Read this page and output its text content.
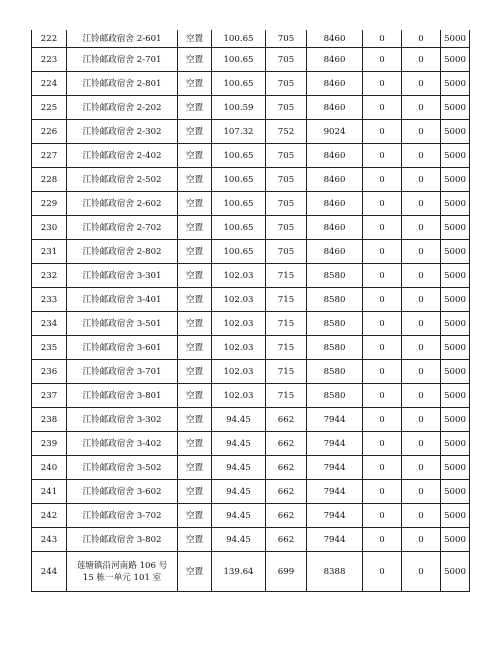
222	江铃邮政宿舍 2-601	空置	100.65	705	8460	0	0	5000
223	江铃邮政宿舍 2-701	空置	100.65	705	8460	0	0	5000
224	江铃邮政宿舍 2-801	空置	100.65	705	8460	0	0	5000
225	江铃邮政宿舍 2-202	空置	100.59	705	8460	0	0	5000
226	江铃邮政宿舍 2-302	空置	107.32	752	9024	0	0	5000
227	江铃邮政宿舍 2-402	空置	100.65	705	8460	0	0	5000
228	江铃邮政宿舍 2-502	空置	100.65	705	8460	0	0	5000
229	江铃邮政宿舍 2-602	空置	100.65	705	8460	0	0	5000
230	江铃邮政宿舍 2-702	空置	100.65	705	8460	0	0	5000
231	江铃邮政宿舍 2-802	空置	100.65	705	8460	0	0	5000
232	江铃邮政宿舍 3-301	空置	102.03	715	8580	0	0	5000
233	江铃邮政宿舍 3-401	空置	102.03	715	8580	0	0	5000
234	江铃邮政宿舍 3-501	空置	102.03	715	8580	0	0	5000
235	江铃邮政宿舍 3-601	空置	102.03	715	8580	0	0	5000
236	江铃邮政宿舍 3-701	空置	102.03	715	8580	0	0	5000
237	江铃邮政宿舍 3-801	空置	102.03	715	8580	0	0	5000
238	江铃邮政宿舍 3-302	空置	94.45	662	7944	0	0	5000
239	江铃邮政宿舍 3-402	空置	94.45	662	7944	0	0	5000
240	江铃邮政宿舍 3-502	空置	94.45	662	7944	0	0	5000
241	江铃邮政宿舍 3-602	空置	94.45	662	7944	0	0	5000
242	江铃邮政宿舍 3-702	空置	94.45	662	7944	0	0	5000
243	江铃邮政宿舍 3-802	空置	94.45	662	7944	0	0	5000
244	莲塘镇沿河南路 106 号 15 栋一单元 101 室	空置	139.64	699	8388	0	0	5000
